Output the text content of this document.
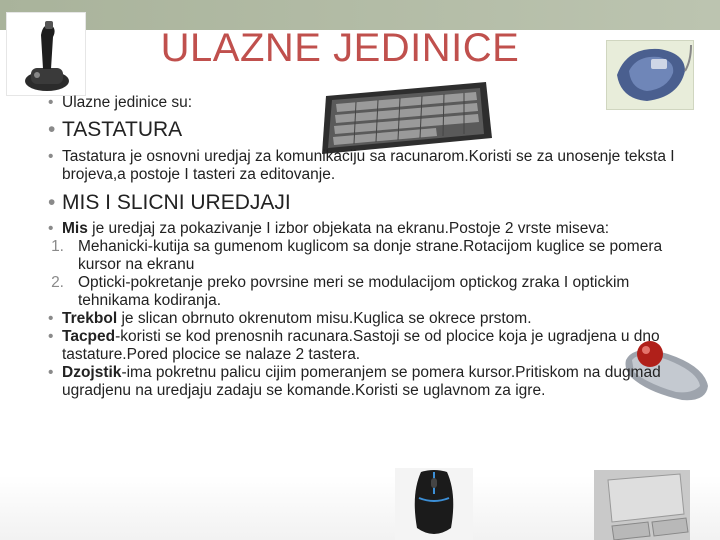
ULAZNE JEDINICE
• Ulazne jedinice su:
• TASTATURA
• Tastatura je osnovni uredjaj za komunikaciju sa racunarom.Koristi se za unosenje teksta I brojeva,a postoje I tasteri za editovanje.
• MIS I SLICNI UREDJAJI
• Mis je uredjaj za pokazivanje I izbor objekata na ekranu.Postoje 2 vrste miseva:
1. Mehanicki-kutija sa gumenom kuglicom sa donje strane.Rotacijom kuglice se pomera kursor na ekranu
2. Opticki-pokretanje preko povrsine meri se modulacijom optickog zraka I optickim tehnikama kodiranja.
• Trekbol je slican obrnuto okrenutom misu.Kuglica se okrece prstom.
• Tacped-koristi se kod prenosnih racunara.Sastoji se od plocice koja je ugradjena u dno tastature.Pored plocice se nalaze 2 tastera.
• Dzojstik-ima pokretnu palicu cijim pomeranjem se pomera kursor.Pritiskom na dugmad ugradjenu na uredjaju zadaju se komande.Koristi se uglavnom za igre.
